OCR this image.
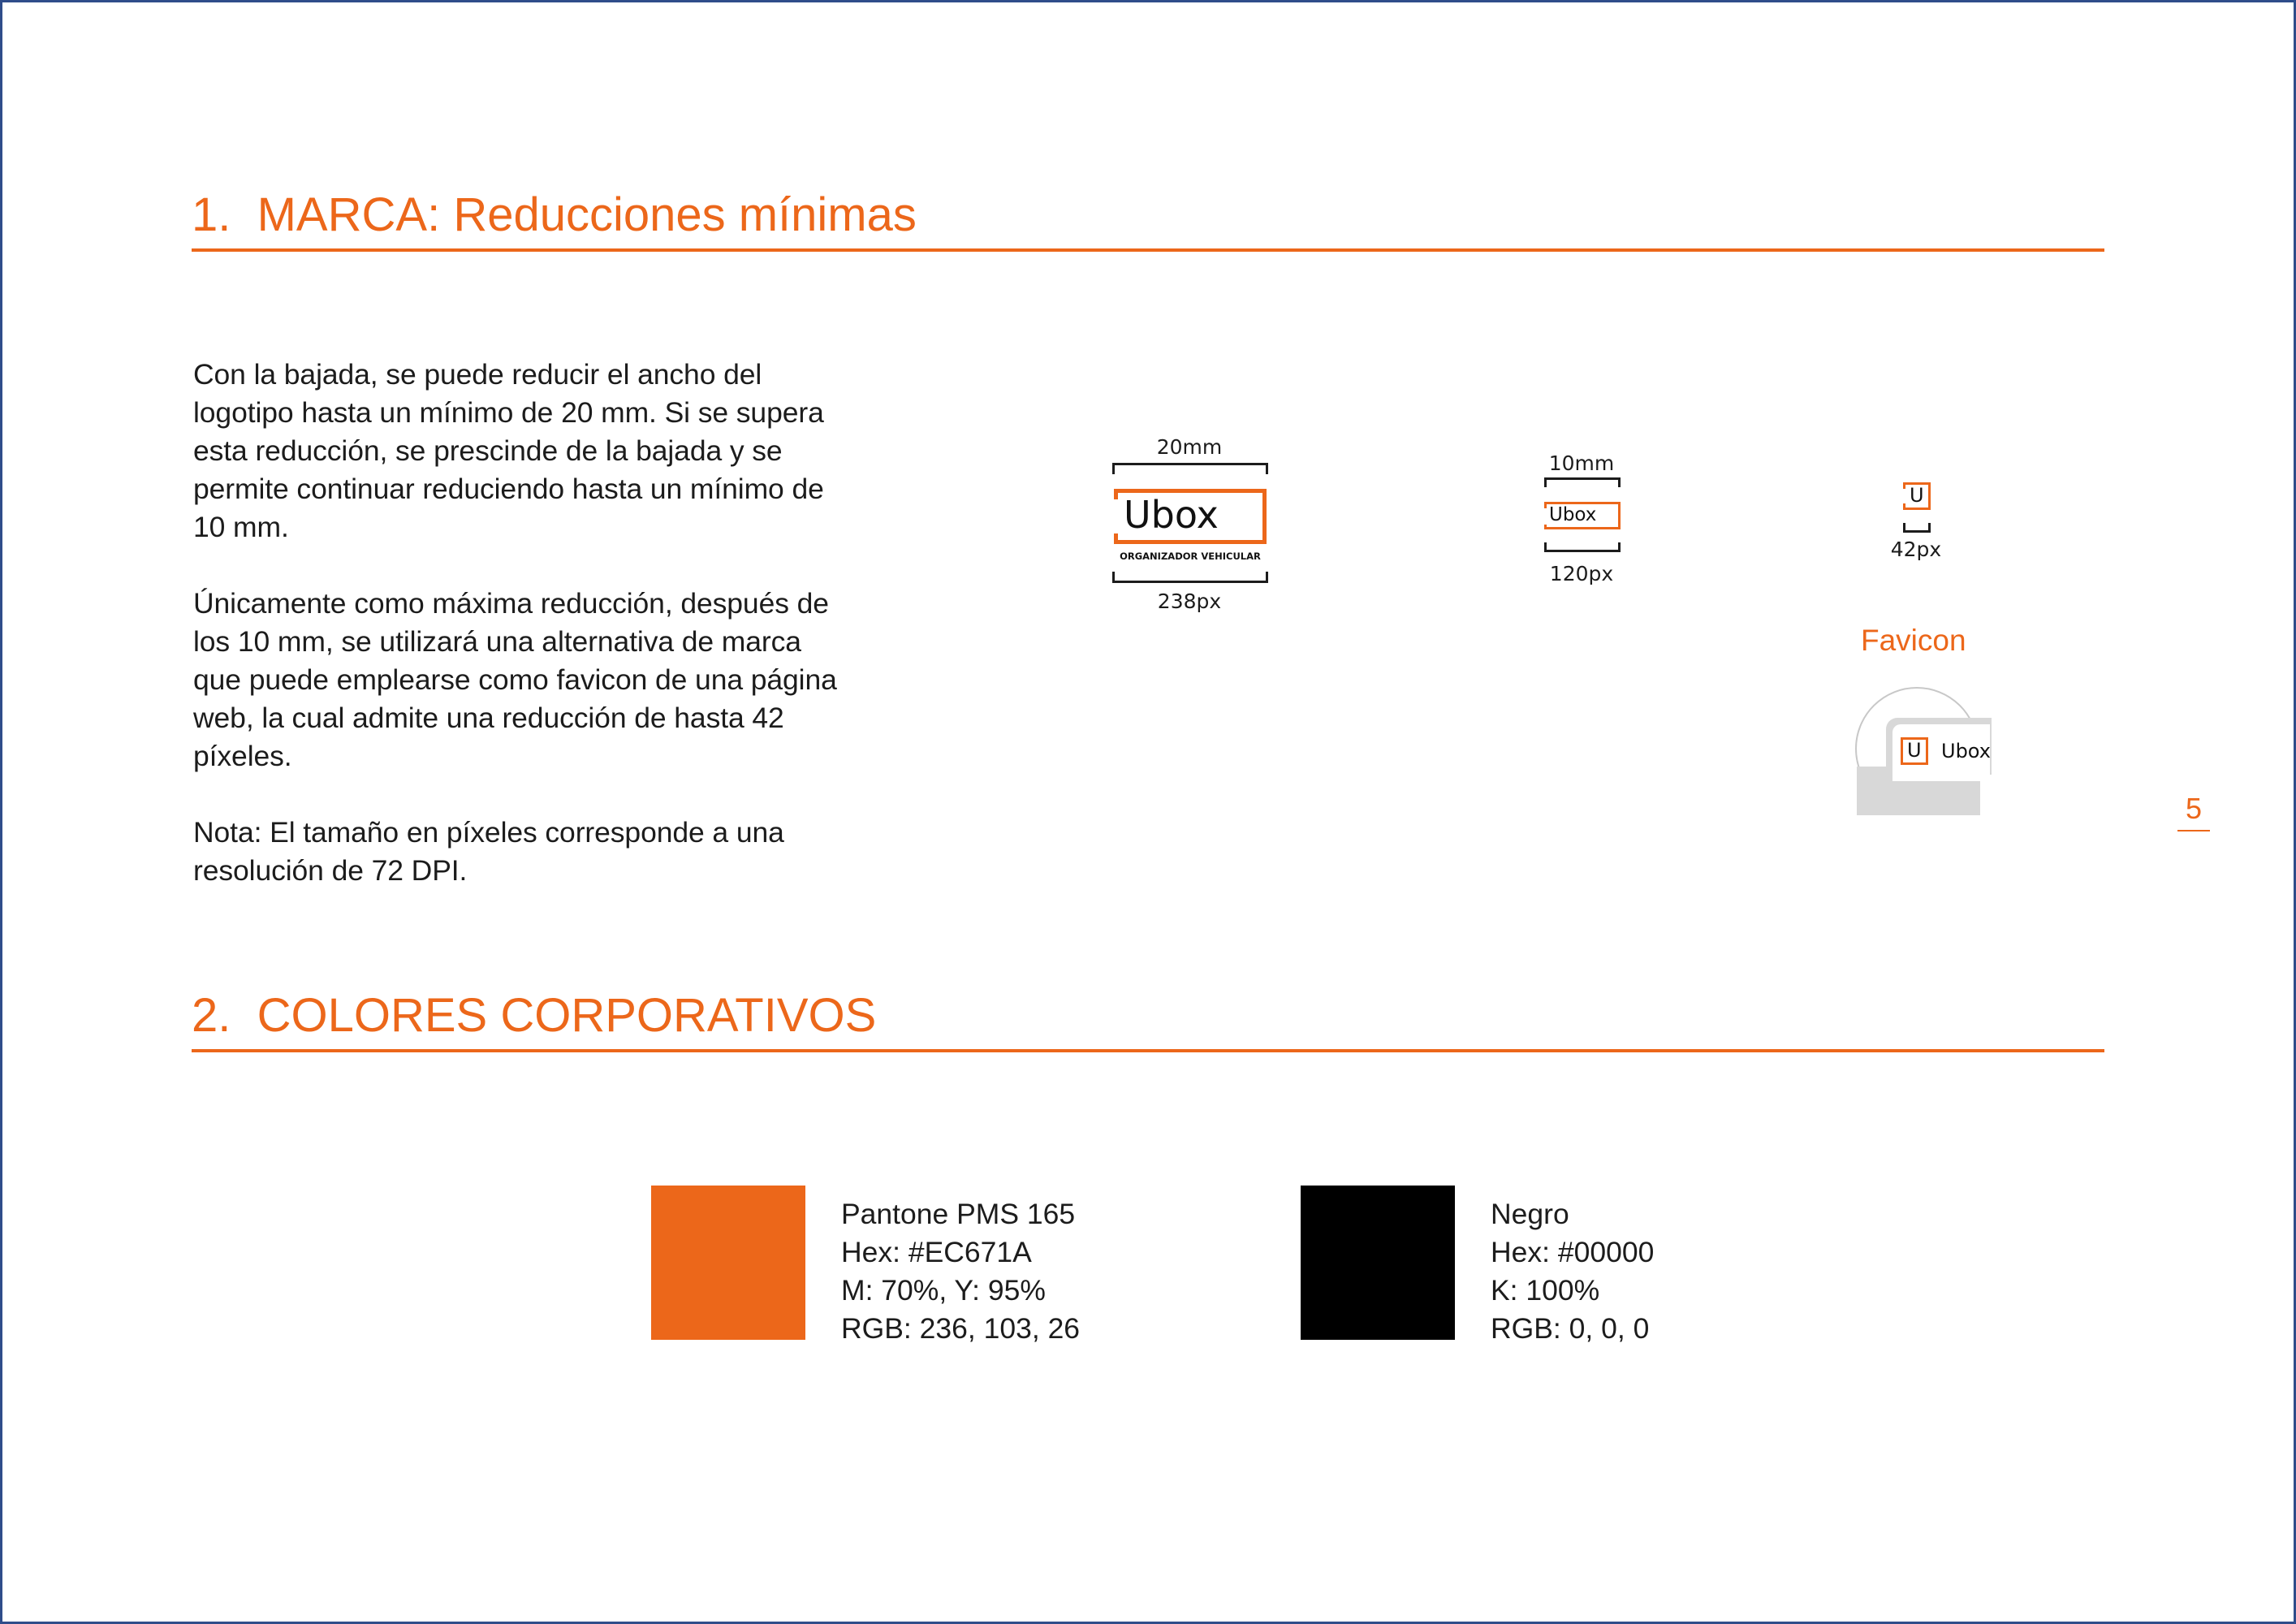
1. MARCA: Reducciones mínimas

Con la bajada, se puede reducir el ancho del logotipo hasta un mínimo de 20 mm. Si se supera esta reducción, se prescinde de la bajada y se permite continuar reduciendo hasta un mínimo de 10 mm.

Únicamente como máxima reducción, después de los 10 mm, se utilizará una alternativa de marca que puede emplearse como favicon de una página web, la cual admite una reducción de hasta 42 píxeles.

Nota: El tamaño en píxeles corresponde a una resolución de 72 DPI.

20mm
Ubox
ORGANIZADOR VEHICULAR
238px
10mm
Ubox
120px
U
42px
Favicon
U Ubox
5
2. COLORES CORPORATIVOS

Pantone PMS 165

Hex: #EC671A

M: 70%, Y: 95%

RGB: 236, 103, 26

Negro

Hex: #00000

K: 100%

RGB: 0, 0, 0
